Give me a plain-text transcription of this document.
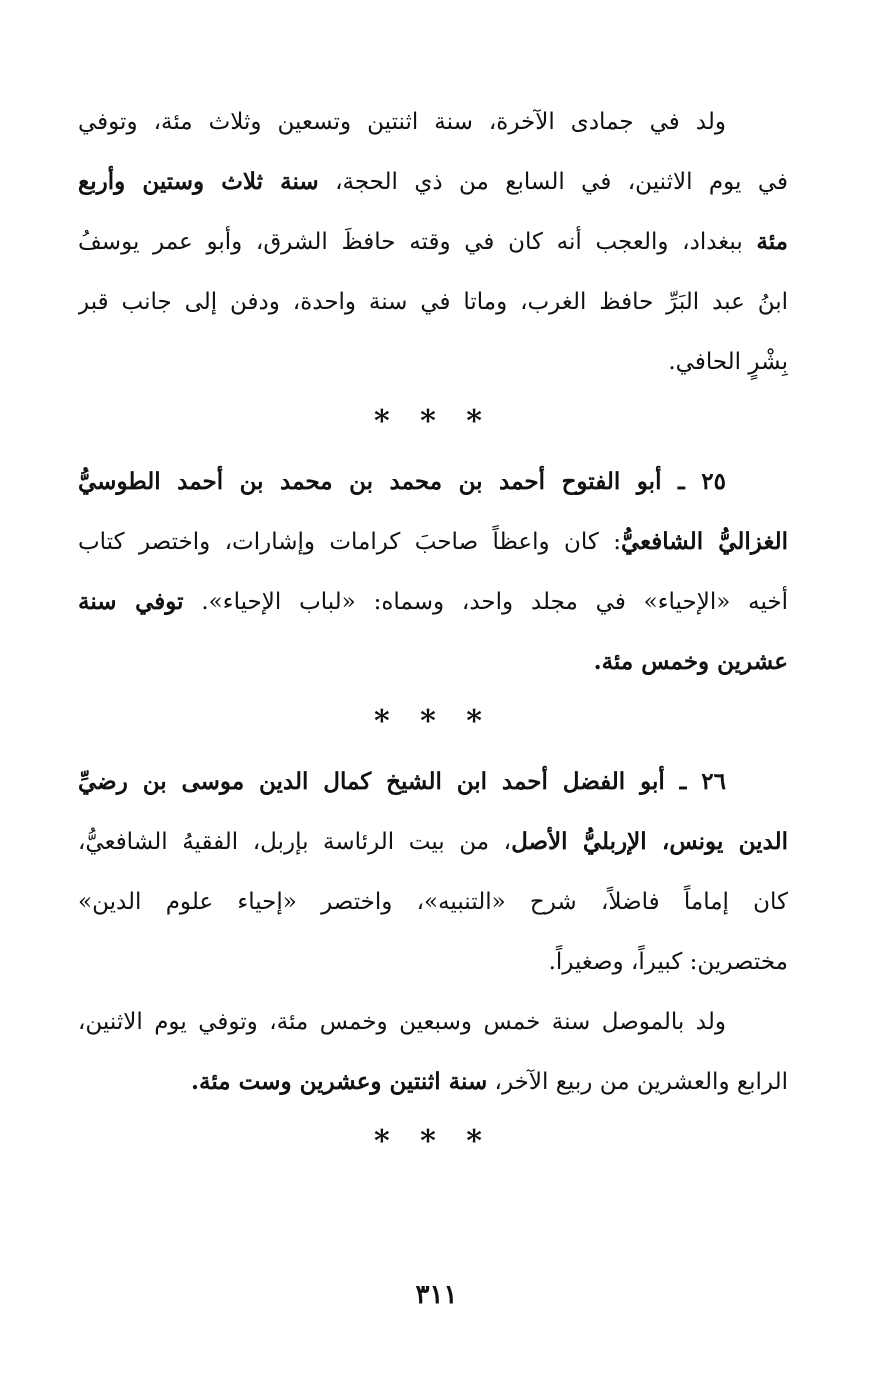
ولد في جمادى الآخرة، سنة اثنتين وتسعين وثلاث مئة، وتوفي
في يوم الاثنين، في السابع من ذي الحجة، سنة ثلاث وستين وأربع
مئة ببغداد، والعجب أنه كان في وقته حافظَ الشرق، وأبو عمر يوسفُ
ابنُ عبد البَرِّ حافظ الغرب، وماتا في سنة واحدة، ودفن إلى جانب قبر
بِشْرٍ الحافي.
* * *
٢٥ ـ أبو الفتوح أحمد بن محمد بن محمد بن أحمد الطوسيُّ
الغزاليُّ الشافعيُّ: كان واعظاً صاحبَ كرامات وإشارات، واختصر كتاب
أخيه «الإحياء» في مجلد واحد، وسماه: «لباب الإحياء». توفي سنة
عشرين وخمس مئة.
* * *
٢٦ ـ أبو الفضل أحمد ابن الشيخ كمال الدين موسى بن رضيِّ
الدين يونس، الإربليُّ الأصل، من بيت الرئاسة بإربل، الفقيهُ الشافعيُّ،
كان إماماً فاضلاً، شرح «التنبيه»، واختصر «إحياء علوم الدين»
مختصرين: كبيراً، وصغيراً.
ولد بالموصل سنة خمس وسبعين وخمس مئة، وتوفي يوم الاثنين،
الرابع والعشرين من ربيع الآخر، سنة اثنتين وعشرين وست مئة.
* * *
٣١١
